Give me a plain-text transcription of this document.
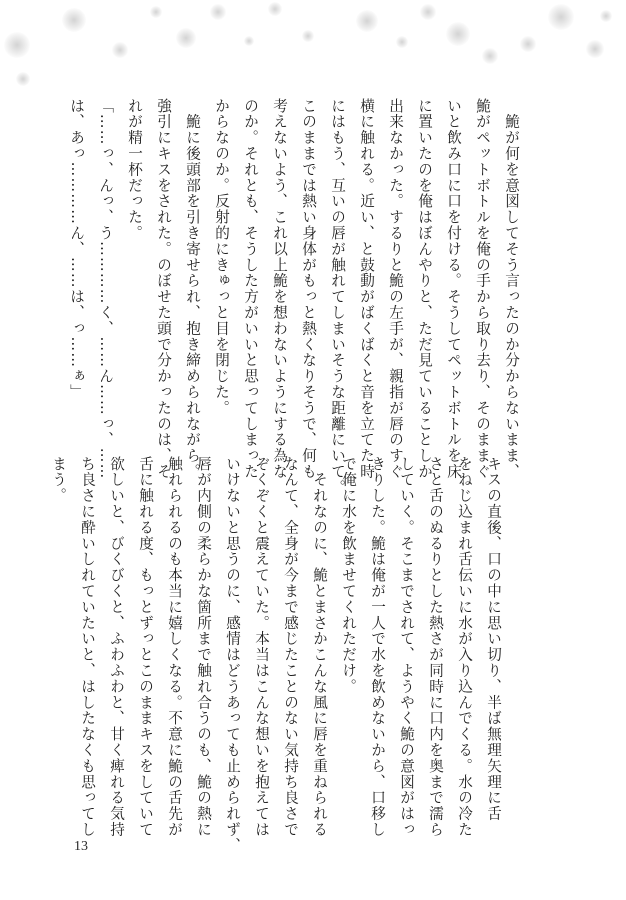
　鮠が何を意図してそう言ったのか分からないまま、
鮠がペットボトルを俺の手から取り去り、そのままぐ
いと飲み口に口を付ける。そうしてペットボトルを床
に置いたのを俺はぼんやりと、ただ見ていることしか
出来なかった。するりと鮠の左手が、親指が唇のすぐ
横に触れる。近い、と鼓動がばくばくと音を立てた時
にはもう、互いの唇が触れてしまいそうな距離にいて。
このままでは熱い身体がもっと熱くなりそうで、何も
考えないよう、これ以上鮠を想わないようにする為な
のか。それとも、そうした方がいいと思ってしまった
からなのか。反射的にきゅっと目を閉じた。
　鮠に後頭部を引き寄せられ、抱き締められながら。
強引にキスをされた。のぼせた頭で分かったのは、そ
れが精一杯だった。
「……っ、んっ、う…………く、……ん……っ、……
は、あっ…………ん、……は、っ……ぁ」
キスの直後、口の中に思い切り、半ば無理矢理に舌
をねじ込まれ舌伝いに水が入り込んでくる。水の冷た
さと舌のぬるりとした熱さが同時に口内を奥まで濡ら
していく。そこまでされて、ようやく鮠の意図がはっ
きりした。鮠は俺が一人で水を飲めないから、口移し
で俺に水を飲ませてくれただけ。
　それなのに、鮠とまさかこんな風に唇を重ねられる
なんて、全身が今まで感じたことのない気持ち良さで
ぞくぞくと震えていた。本当はこんな想いを抱えては
いけないと思うのに、感情はどうあっても止められず、
唇が内側の柔らかな箇所まで触れ合うのも、鮠の熱に
触れられるのも本当に嬉しくなる。不意に鮠の舌先が
舌に触れる度、もっとずっとこのままキスをしていて
欲しいと、びくびくと、ふわふわと、甘く痺れる気持
ち良さに酔いしれていたいと、はしたなくも思ってし
まう。
13
